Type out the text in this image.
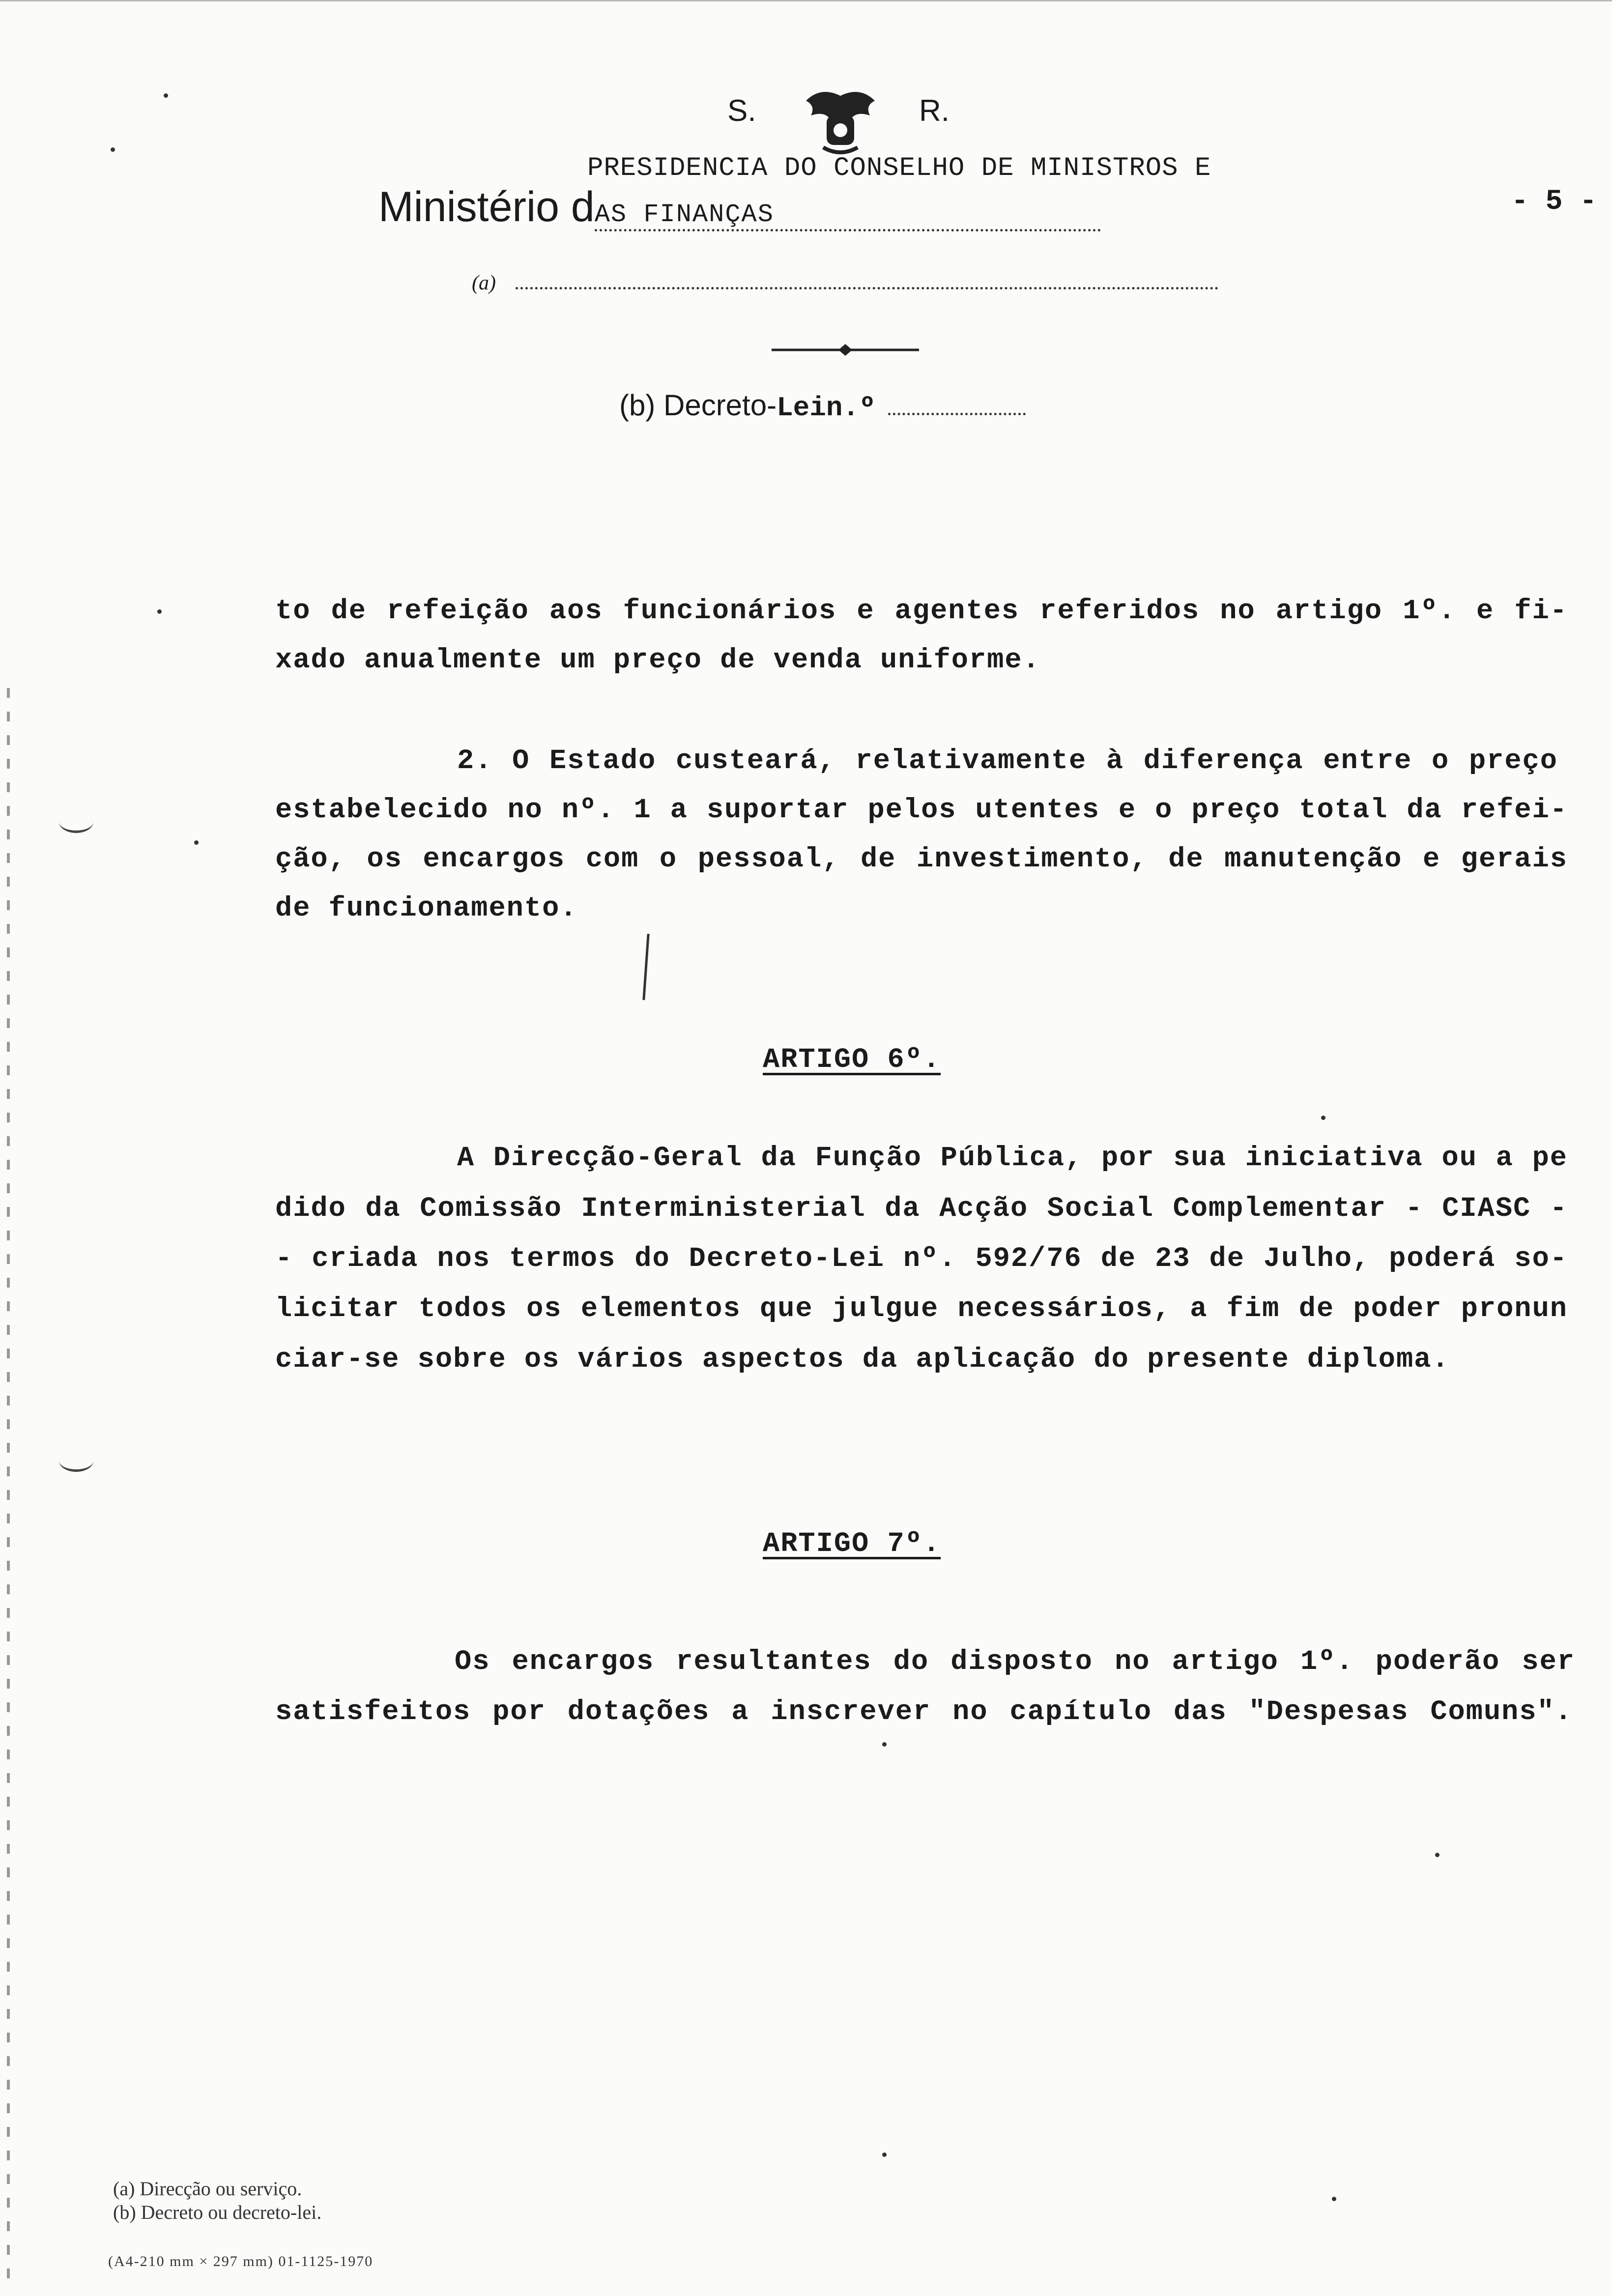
S.	R.
PRESIDENCIA DO CONSELHO DE MINISTROS E
Ministério dAS FINANÇAS	- 5 -
(a)
(b) Decreto-Lein.º
to de refeição aos funcionários e agentes referidos no artigo 1º. e fi-
xado anualmente um preço de venda uniforme.
2. O Estado custeará, relativamente à diferença entre o preço
estabelecido no nº. 1 a suportar pelos utentes e o preço total da refei-
ção, os encargos com o pessoal, de investimento, de manutenção e gerais
de funcionamento.
ARTIGO 6º.
A Direcção-Geral da Função Pública, por sua iniciativa ou a pe
dido da Comissão Interministerial da Acção Social Complementar - CIASC -
- criada nos termos do Decreto-Lei nº. 592/76 de 23 de Julho, poderá so-
licitar todos os elementos que julgue necessários, a fim de poder pronun
ciar-se sobre os vários aspectos da aplicação do presente diploma.
ARTIGO 7º.
Os encargos resultantes do disposto no artigo 1º. poderão ser
satisfeitos por dotações a inscrever no capítulo das "Despesas Comuns".
(a) Direcção ou serviço.
(b) Decreto ou decreto-lei.
(A4-210 mm × 297 mm) 01-1125-1970
